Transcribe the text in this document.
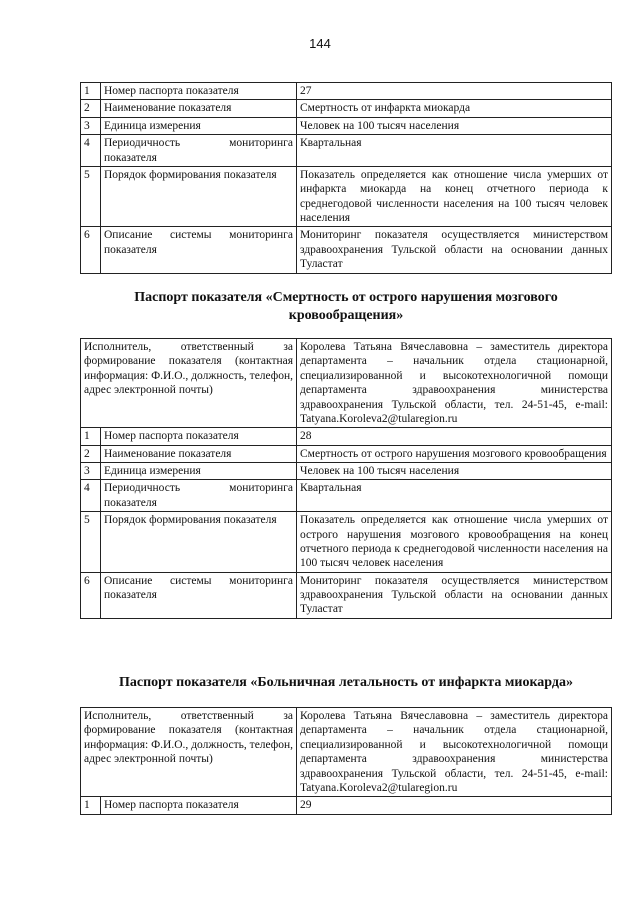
144
1	Номер паспорта показателя	27
2	Наименование показателя	Смертность от инфаркта миокарда
3	Единица измерения	Человек на 100 тысяч населения
4	Периодичность мониторинга показателя	Квартальная
5	Порядок формирования показателя	Показатель определяется как отношение числа умерших от инфаркта миокарда на конец отчетного периода к среднегодовой численности населения на 100 тысяч человек населения
6	Описание системы мониторинга показателя	Мониторинг показателя осуществляется министерством здравоохранения Тульской области на основании данных Туластат
Паспорт показателя «Смертность от острого нарушения мозгового кровообращения»
Исполнитель, ответственный за формирование показателя (контактная информация: Ф.И.О., должность, телефон, адрес электронной почты)		Королева Татьяна Вячеславовна – заместитель директора департамента – начальник отдела стационарной, специализированной и высокотехнологичной помощи департамента здравоохранения министерства здравоохранения Тульской области, тел. 24-51-45, e-mail: Tatyana.Koroleva2@tularegion.ru
1	Номер паспорта показателя	28
2	Наименование показателя	Смертность от острого нарушения мозгового кровообращения
3	Единица измерения	Человек на 100 тысяч населения
4	Периодичность мониторинга показателя	Квартальная
5	Порядок формирования показателя	Показатель определяется как отношение числа умерших от острого нарушения мозгового кровообращения на конец отчетного периода к среднегодовой численности населения на 100 тысяч человек населения
6	Описание системы мониторинга показателя	Мониторинг показателя осуществляется министерством здравоохранения Тульской области на основании данных Туластат
Паспорт показателя «Больничная летальность от инфаркта миокарда»
Исполнитель, ответственный за формирование показателя (контактная информация: Ф.И.О., должность, телефон, адрес электронной почты)		Королева Татьяна Вячеславовна – заместитель директора департамента – начальник отдела стационарной, специализированной и высокотехнологичной помощи департамента здравоохранения министерства здравоохранения Тульской области, тел. 24-51-45, e-mail: Tatyana.Koroleva2@tularegion.ru
1	Номер паспорта показателя	29
